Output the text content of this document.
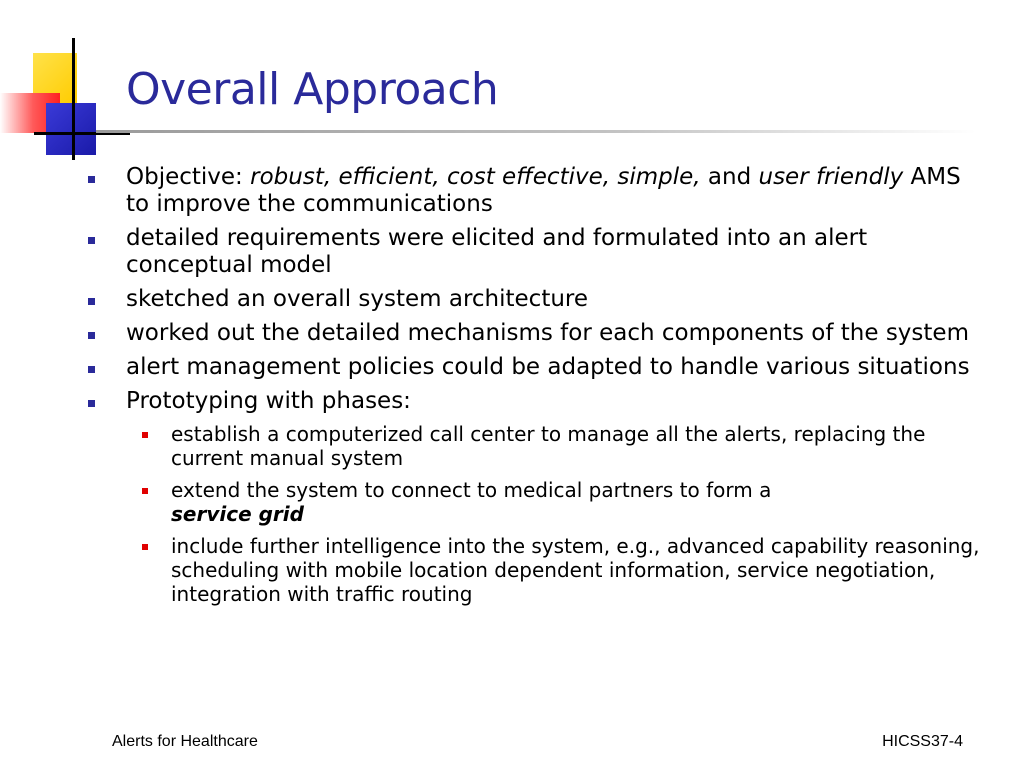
Overall Approach
Objective: robust, efficient, cost effective, simple, and user friendly AMS to improve the communications
detailed requirements were elicited and formulated into an alert conceptual model
sketched an overall system architecture
worked out the detailed mechanisms for each components of the system
alert management policies could be adapted to handle various situations
Prototyping with phases:
establish a computerized call center to manage all the alerts, replacing the current manual system
extend the system to connect to medical partners to form a
service grid
include further intelligence into the system, e.g., advanced capability reasoning, scheduling with mobile location dependent information, service negotiation, integration with traffic routing
Alerts for Healthcare	HICSS37-4
